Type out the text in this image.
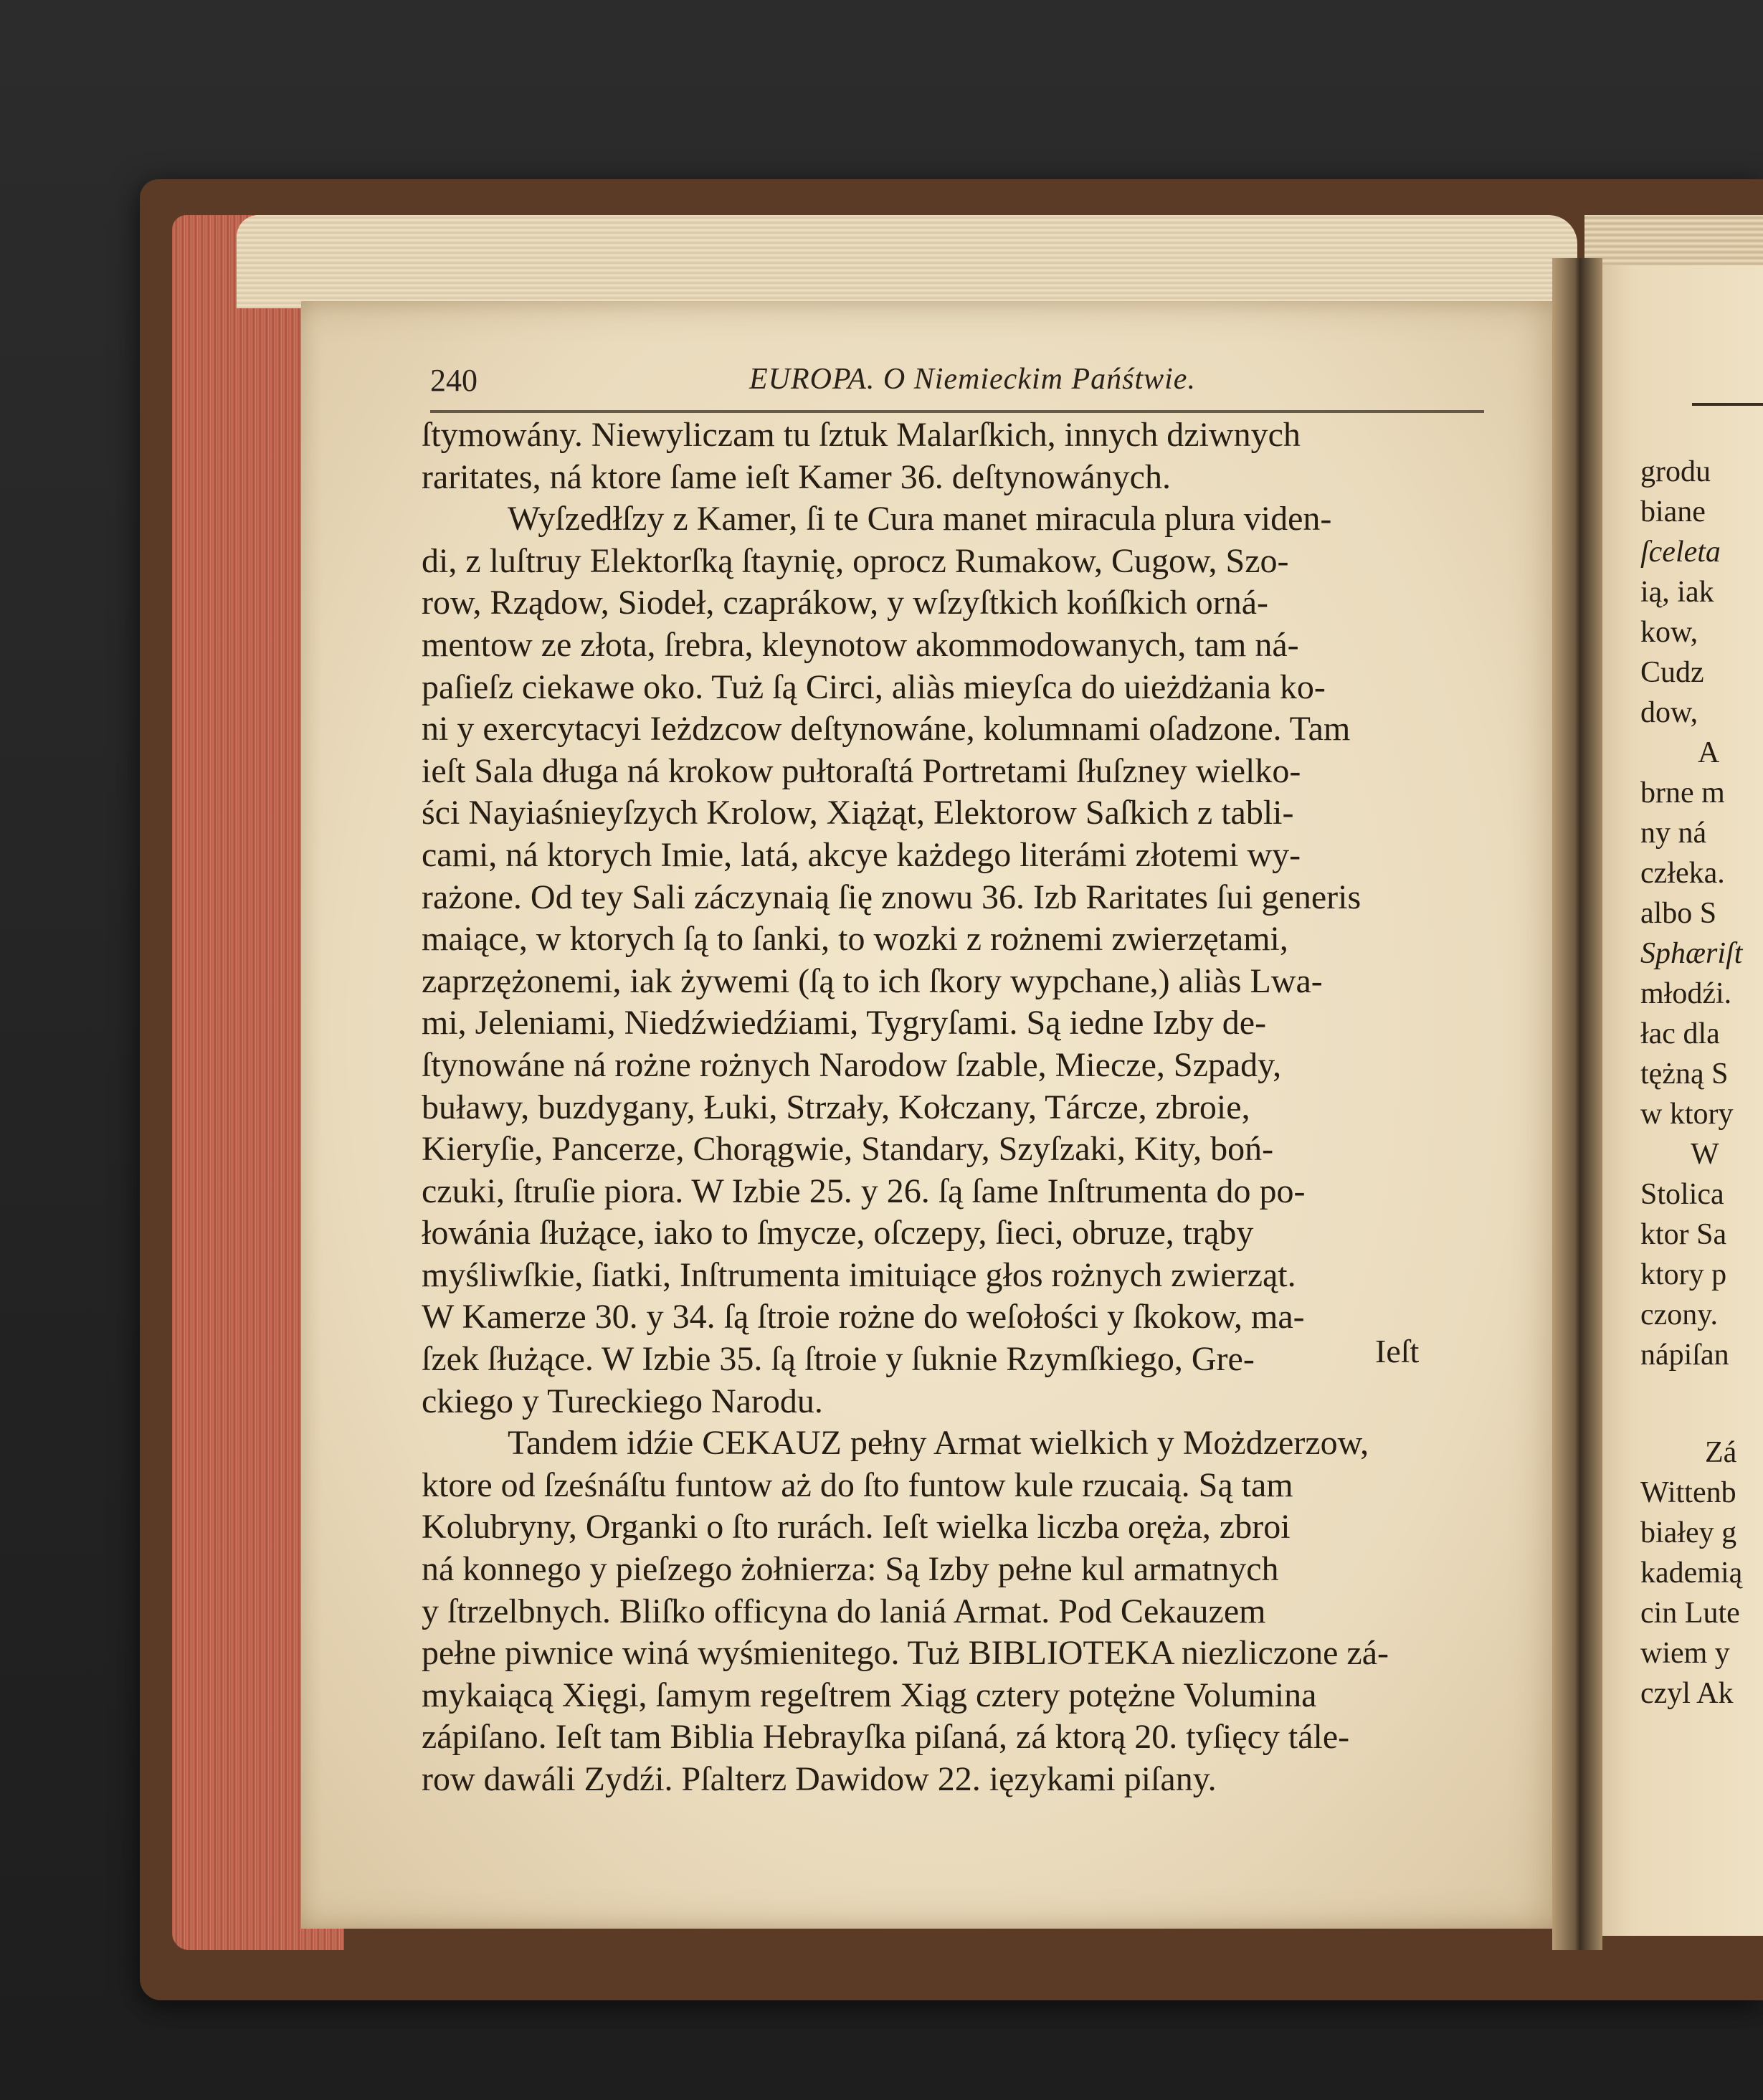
240	EUROPA. O Niemieckim Pańśtwie.
ſtymowány. Niewyliczam tu ſztuk Malarſkich, innych dziwnych
raritates, ná ktore ſame ieſt Kamer 36. deſtynowánych.
Wyſzedłſzy z Kamer, ſi te Cura manet miracula plura viden-
di, z luſtruy Elektorſką ſtaynię, oprocz Rumakow, Cugow, Szo-
row, Rządow, Siodeł, czaprákow, y wſzyſtkich końſkich orná-
mentow ze złota, ſrebra, kleynotow akommodowanych, tam ná-
paſieſz ciekawe oko. Tuż ſą Circi, aliàs mieyſca do uieżdżania ko-
ni y exercytacyi Ieżdzcow deſtynowáne, kolumnami oſadzone. Tam
ieſt Sala długa ná krokow pułtoraſtá Portretami ſłuſzney wielko-
ści Nayiaśnieyſzych Krolow, Xiążąt, Elektorow Saſkich z tabli-
cami, ná ktorych Imie, latá, akcye każdego literámi złotemi wy-
rażone. Od tey Sali záczynaią ſię znowu 36. Izb Raritates ſui generis
maiące, w ktorych ſą to ſanki, to wozki z rożnemi zwierzętami,
zaprzężonemi, iak żywemi (ſą to ich ſkory wypchane,) aliàs Lwa-
mi, Jeleniami, Niedźwiedźiami, Tygryſami. Są iedne Izby de-
ſtynowáne ná rożne rożnych Narodow ſzable, Miecze, Szpady,
buławy, buzdygany, Łuki, Strzały, Kołczany, Tárcze, zbroie,
Kieryſie, Pancerze, Chorągwie, Standary, Szyſzaki, Kity, boń-
czuki, ſtruſie piora. W Izbie 25. y 26. ſą ſame Inſtrumenta do po-
łowánia ſłużące, iako to ſmycze, oſczepy, ſieci, obruze, trąby
myśliwſkie, ſiatki, Inſtrumenta imituiące głos rożnych zwierząt.
W Kamerze 30. y 34. ſą ſtroie rożne do weſołości y ſkokow, ma-
ſzek ſłużące. W Izbie 35. ſą ſtroie y ſuknie Rzymſkiego, Gre-
ckiego y Tureckiego Narodu.
Tandem idźie CEKAUZ pełny Armat wielkich y Możdzerzow,
ktore od ſześnáſtu funtow aż do ſto funtow kule rzucaią. Są tam
Kolubryny, Organki o ſto rurách. Ieſt wielka liczba oręża, zbroi
ná konnego y pieſzego żołnierza: Są Izby pełne kul armatnych
y ſtrzelbnych. Bliſko officyna do laniá Armat. Pod Cekauzem
pełne piwnice winá wyśmienitego. Tuż BIBLIOTEKA niezliczone zá-
mykaiącą Xięgi, ſamym regeſtrem Xiąg cztery potężne Volumina
zápiſano. Ieſt tam Biblia Hebrayſka piſaná, zá ktorą 20. tyſięcy tále-
row dawáli Zydźi. Pſalterz Dawidow 22. ięzykami piſany.
Ieſt
grodu
biane
ſceleta
ią, iak
kow,
Cudz
dow,
A
brne m
ny ná
człeka.
albo S
Sphæriſt
młodźi.
łac dla
tężną S
w ktory
W
Stolica
ktor Sa
ktory p
czony.
nápiſan
Zá
Wittenb
białey g
kademią
cin Lute
wiem y
czyl Ak
